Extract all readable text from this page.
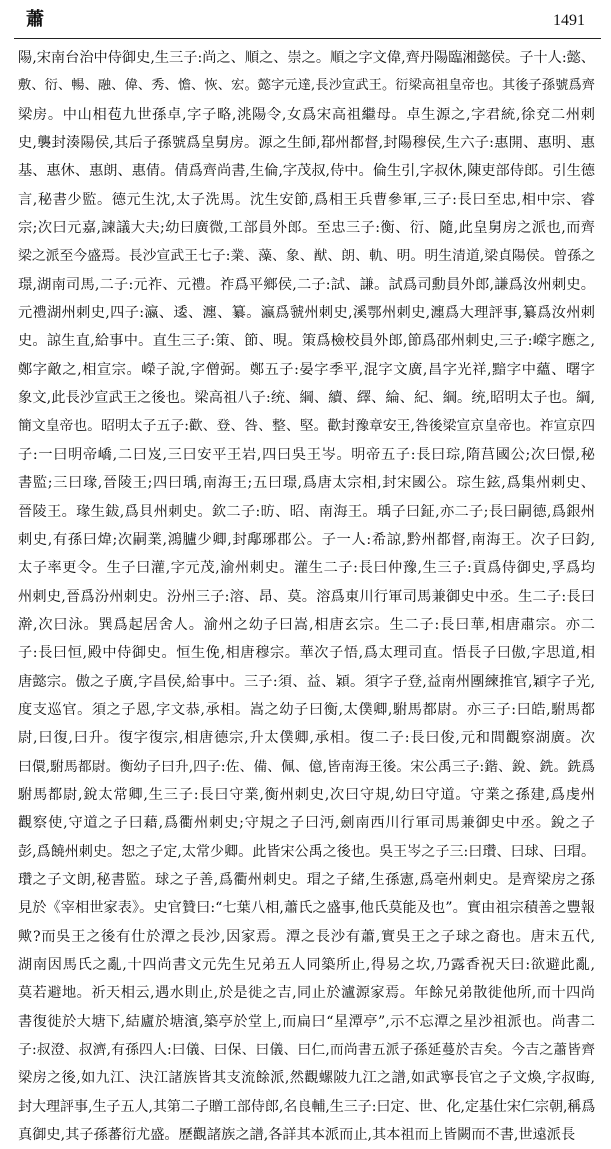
蕭	1491
陽,宋南台治中侍御史,生三子:尚之、順之、崇之。順之字文偉,齊丹陽臨湘懿侯。子十人:懿、
敷、衍、暢、融、偉、秀、憺、恢、宏。懿字元達,長沙宣武王。衍梁高祖皇帝也。其後子孫號爲齊
梁房。中山相苞九世孫卓,字子略,洮陽令,女爲宋高祖繼母。卓生源之,字君統,徐兗二州刺
史,襲封湊陽侯,其后子孫號爲皇舅房。源之生師,鄀州都督,封陽穆侯,生六子:惠開、惠明、惠
基、惠休、惠朗、惠倩。倩爲齊尚書,生倫,字茂叔,侍中。倫生引,字叔休,陳吏部侍郎。引生德
言,秘書少監。德元生沈,太子洗馬。沈生安節,爲相王兵曹參軍,三子:長曰至忠,相中宗、睿
宗;次曰元嘉,諫議大夫;幼曰廣微,工部員外郎。至忠三子:衡、衍、隨,此皇舅房之派也,而齊
梁之派至今盛焉。長沙宣武王七子:業、藻、象、猷、朗、軌、明。明生清道,梁貞陽侯。曾孫之
璟,湖南司馬,二子:元祚、元禮。祚爲平鄉侯,二子:試、謙。試爲司勳員外郎,謙爲汝州刺史。
元禮湖州刺史,四子:瀛、逶、瀍、纂。瀛爲虢州刺史,溪鄂州刺史,瀍爲大理評事,纂爲汝州刺
史。諒生直,給事中。直生三子:策、節、晛。策爲檢校員外郎,節爲邵州刺史,三子:嶸字應之,
鄭字敵之,相宣宗。嶸子說,字僧弼。鄭五子:晏字季平,混字文廣,昌字光祥,黯字中蘊、曙字
象文,此長沙宣武王之後也。梁高祖八子:统、綱、續、繹、綸、紀、綱。统,昭明太子也。綱,
簡文皇帝也。昭明太子五子:歡、登、咎、整、堅。歡封豫章安王,咎後梁宣京皇帝也。祚宣京四
子:一曰明帝嶠,二曰岌,三曰安平王岩,四曰吳王岑。明帝五子:長曰琮,隋莒國公;次曰憬,秘
書監;三曰瑑,晉陵王;四曰瑀,南海王;五曰璟,爲唐太宗相,封宋國公。琮生鉉,爲集州刺史、
晉陵王。瑑生鈸,爲貝州刺史。欽二子:昉、昭、南海王。瑀子曰鉦,亦二子;長曰嗣德,爲銀州
刺史,有孫曰煒;次嗣業,鴻臚少卿,封鄅琊郡公。子一人:希諒,黔州都督,南海王。次子曰鈞,
太子率更令。生子曰灌,字元茂,渝州刺史。灌生二子:長曰仲豫,生三子:貢爲侍御史,孚爲均
州刺史,晉爲汾州刺史。汾州三子:溶、昂、莫。溶爲東川行軍司馬兼御史中丞。生二子:長曰
澣,次曰泳。巽爲起居舍人。渝州之幼子曰嵩,相唐玄宗。生二子:長曰華,相唐肅宗。亦二
子:長曰恒,殿中侍御史。恒生俛,相唐穆宗。華次子悟,爲太理司直。悟長子曰傲,字思道,相
唐懿宗。傲之子廣,字昌侯,給事中。三子:須、益、穎。須字子登,益南州團練推官,穎字子光,
度支巡官。須之子恩,字文恭,承相。嵩之幼子曰衡,太僕卿,駙馬都尉。亦三子:曰皓,駙馬都
尉,曰復,曰升。復字復宗,相唐德宗,升太僕卿,承相。復二子:長曰俊,元和間觀察湖廣。次
曰儇,駙馬都尉。衡幼子曰升,四子:佐、備、佩、億,皆南海王後。宋公禹三子:鍇、銳、銑。銑爲
駙馬都尉,銳太常卿,生三子:長曰守業,衡州刺史,次曰守規,幼曰守道。守業之孫建,爲虔州
觀察使,守道之子曰藉,爲衢州刺史;守規之子曰沔,劍南西川行軍司馬兼御史中丞。銳之子
彭,爲饒州刺史。恕之子定,太常少卿。此皆宋公禹之後也。吳王岑之子三:曰瓚、曰球、曰瑁。
瓚之子文朗,秘書監。球之子善,爲衢州刺史。瑁之子緒,生孫憲,爲亳州刺史。是齊梁房之孫
見於《宰相世家表》。史官贊曰:“七葉八相,蕭氏之盛事,他氏莫能及也”。實由祖宗積善之豐報
歟?而吳王之後有仕於潭之長沙,因家焉。潭之長沙有蕭,實吳王之子球之裔也。唐末五代,
湖南因馬氏之亂,十四尚書文元先生兄弟五人同築所止,得易之坎,乃露香祝天曰:欲避此亂,
莫若避地。祈天相云,遇水則止,於是徙之吉,同止於瀘源家焉。年餘兄弟散徙他所,而十四尚
書復徙於大塘下,結廬於塘濱,築亭於堂上,而扁曰“星潭亭”,示不忘潭之星沙祖派也。尚書二
子:叔澄、叔濟,有孫四人:曰儀、曰保、曰儀、曰仁,而尚書五派子孫延蔓於吉矣。今吉之蕭皆齊
梁房之後,如九江、決江諸族皆其支流餘派,然觀螺陂九江之譜,如武寧長官之子文煥,字叔晦,
封大理評事,生子五人,其第二子贈工部侍郎,名良輔,生三子:曰定、世、化,定基仕宋仁宗朝,稱爲
真御史,其子孫蕃衍尤盛。歷觀諸族之譜,各詳其本派而止,其本祖而上皆闕而不書,世遠派長
